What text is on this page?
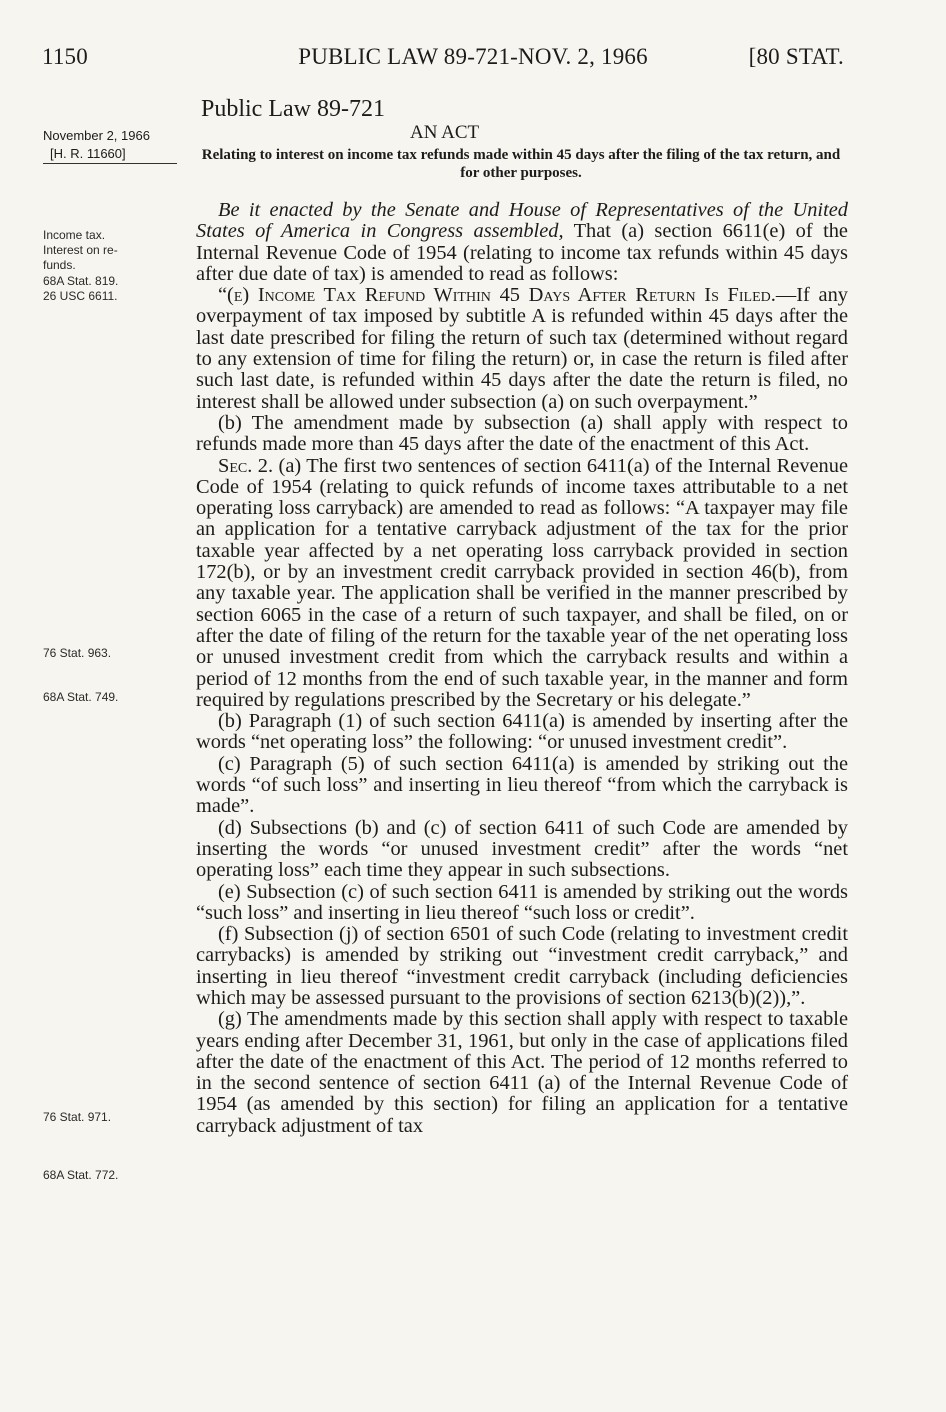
1150	PUBLIC LAW 89-721-NOV. 2, 1966	[80 STAT.
Public Law 89-721
November 2, 1966
[H. R. 11660]
AN ACT
Relating to interest on income tax refunds made within 45 days after the filing of the tax return, and for other purposes.
Income tax.
Interest on re-
funds.
68A Stat. 819.
26 USC 6611.
76 Stat. 963.
68A Stat. 749.
76 Stat. 971.
68A Stat. 772.

Be it enacted by the Senate and House of Representatives of the United States of America in Congress assembled, That (a) section 6611(e) of the Internal Revenue Code of 1954 (relating to income tax refunds within 45 days after due date of tax) is amended to read as follows:

“(e) Income Tax Refund Within 45 Days After Return Is Filed.—If any overpayment of tax imposed by subtitle A is refunded within 45 days after the last date prescribed for filing the return of such tax (determined without regard to any extension of time for filing the return) or, in case the return is filed after such last date, is refunded within 45 days after the date the return is filed, no interest shall be allowed under subsection (a) on such overpayment.”

(b) The amendment made by subsection (a) shall apply with respect to refunds made more than 45 days after the date of the enactment of this Act.

Sec. 2. (a) The first two sentences of section 6411(a) of the Internal Revenue Code of 1954 (relating to quick refunds of income taxes attributable to a net operating loss carryback) are amended to read as follows: “A taxpayer may file an application for a tentative carryback adjustment of the tax for the prior taxable year affected by a net operating loss carryback provided in section 172(b), or by an investment credit carryback provided in section 46(b), from any taxable year. The application shall be verified in the manner prescribed by section 6065 in the case of a return of such taxpayer, and shall be filed, on or after the date of filing of the return for the taxable year of the net operating loss or unused investment credit from which the carryback results and within a period of 12 months from the end of such taxable year, in the manner and form required by regulations prescribed by the Secretary or his delegate.”

(b) Paragraph (1) of such section 6411(a) is amended by inserting after the words “net operating loss” the following: “or unused investment credit”.

(c) Paragraph (5) of such section 6411(a) is amended by striking out the words “of such loss” and inserting in lieu thereof “from which the carryback is made”.

(d) Subsections (b) and (c) of section 6411 of such Code are amended by inserting the words “or unused investment credit” after the words “net operating loss” each time they appear in such subsections.

(e) Subsection (c) of such section 6411 is amended by striking out the words “such loss” and inserting in lieu thereof “such loss or credit”.

(f) Subsection (j) of section 6501 of such Code (relating to investment credit carrybacks) is amended by striking out “investment credit carryback,” and inserting in lieu thereof “investment credit carryback (including deficiencies which may be assessed pursuant to the provisions of section 6213(b)(2)),”.

(g) The amendments made by this section shall apply with respect to taxable years ending after December 31, 1961, but only in the case of applications filed after the date of the enactment of this Act. The period of 12 months referred to in the second sentence of section 6411 (a) of the Internal Revenue Code of 1954 (as amended by this section) for filing an application for a tentative carryback adjustment of tax
